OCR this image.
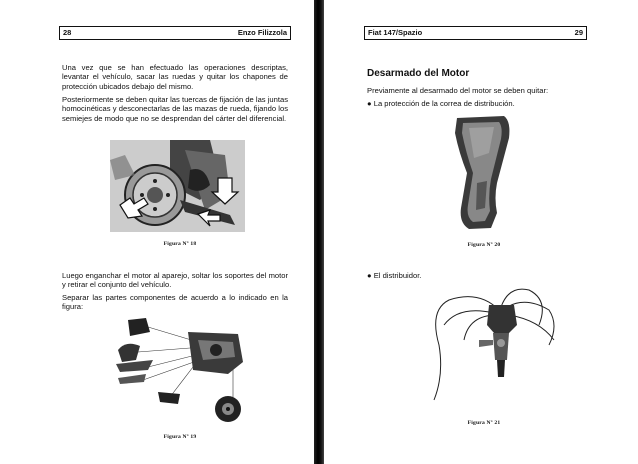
28	Enzo Filizzola

Una vez que se han efectuado las operaciones descriptas, levantar el vehículo, sacar las ruedas y quitar los chapones de protección ubicados debajo del mismo.

Posteriormente se deben quitar las tuercas de fijación de las juntas homocinéticas y desconectarlas de las mazas de rueda, fijando los semiejes de modo que no se desprendan del cárter del diferencial.

Figura Nº 18

Luego enganchar el motor al aparejo, soltar los soportes del motor y retirar el conjunto del vehículo.

Separar las partes componentes de acuerdo a lo indicado en la figura:

Figura Nº 19
Fiat 147/Spazio	29
Desarmado del Motor

Previamente al desarmado del motor se deben quitar:

● La protección de la correa de distribución.
Figura Nº 20
● El distribuidor.
Figura Nº 21
